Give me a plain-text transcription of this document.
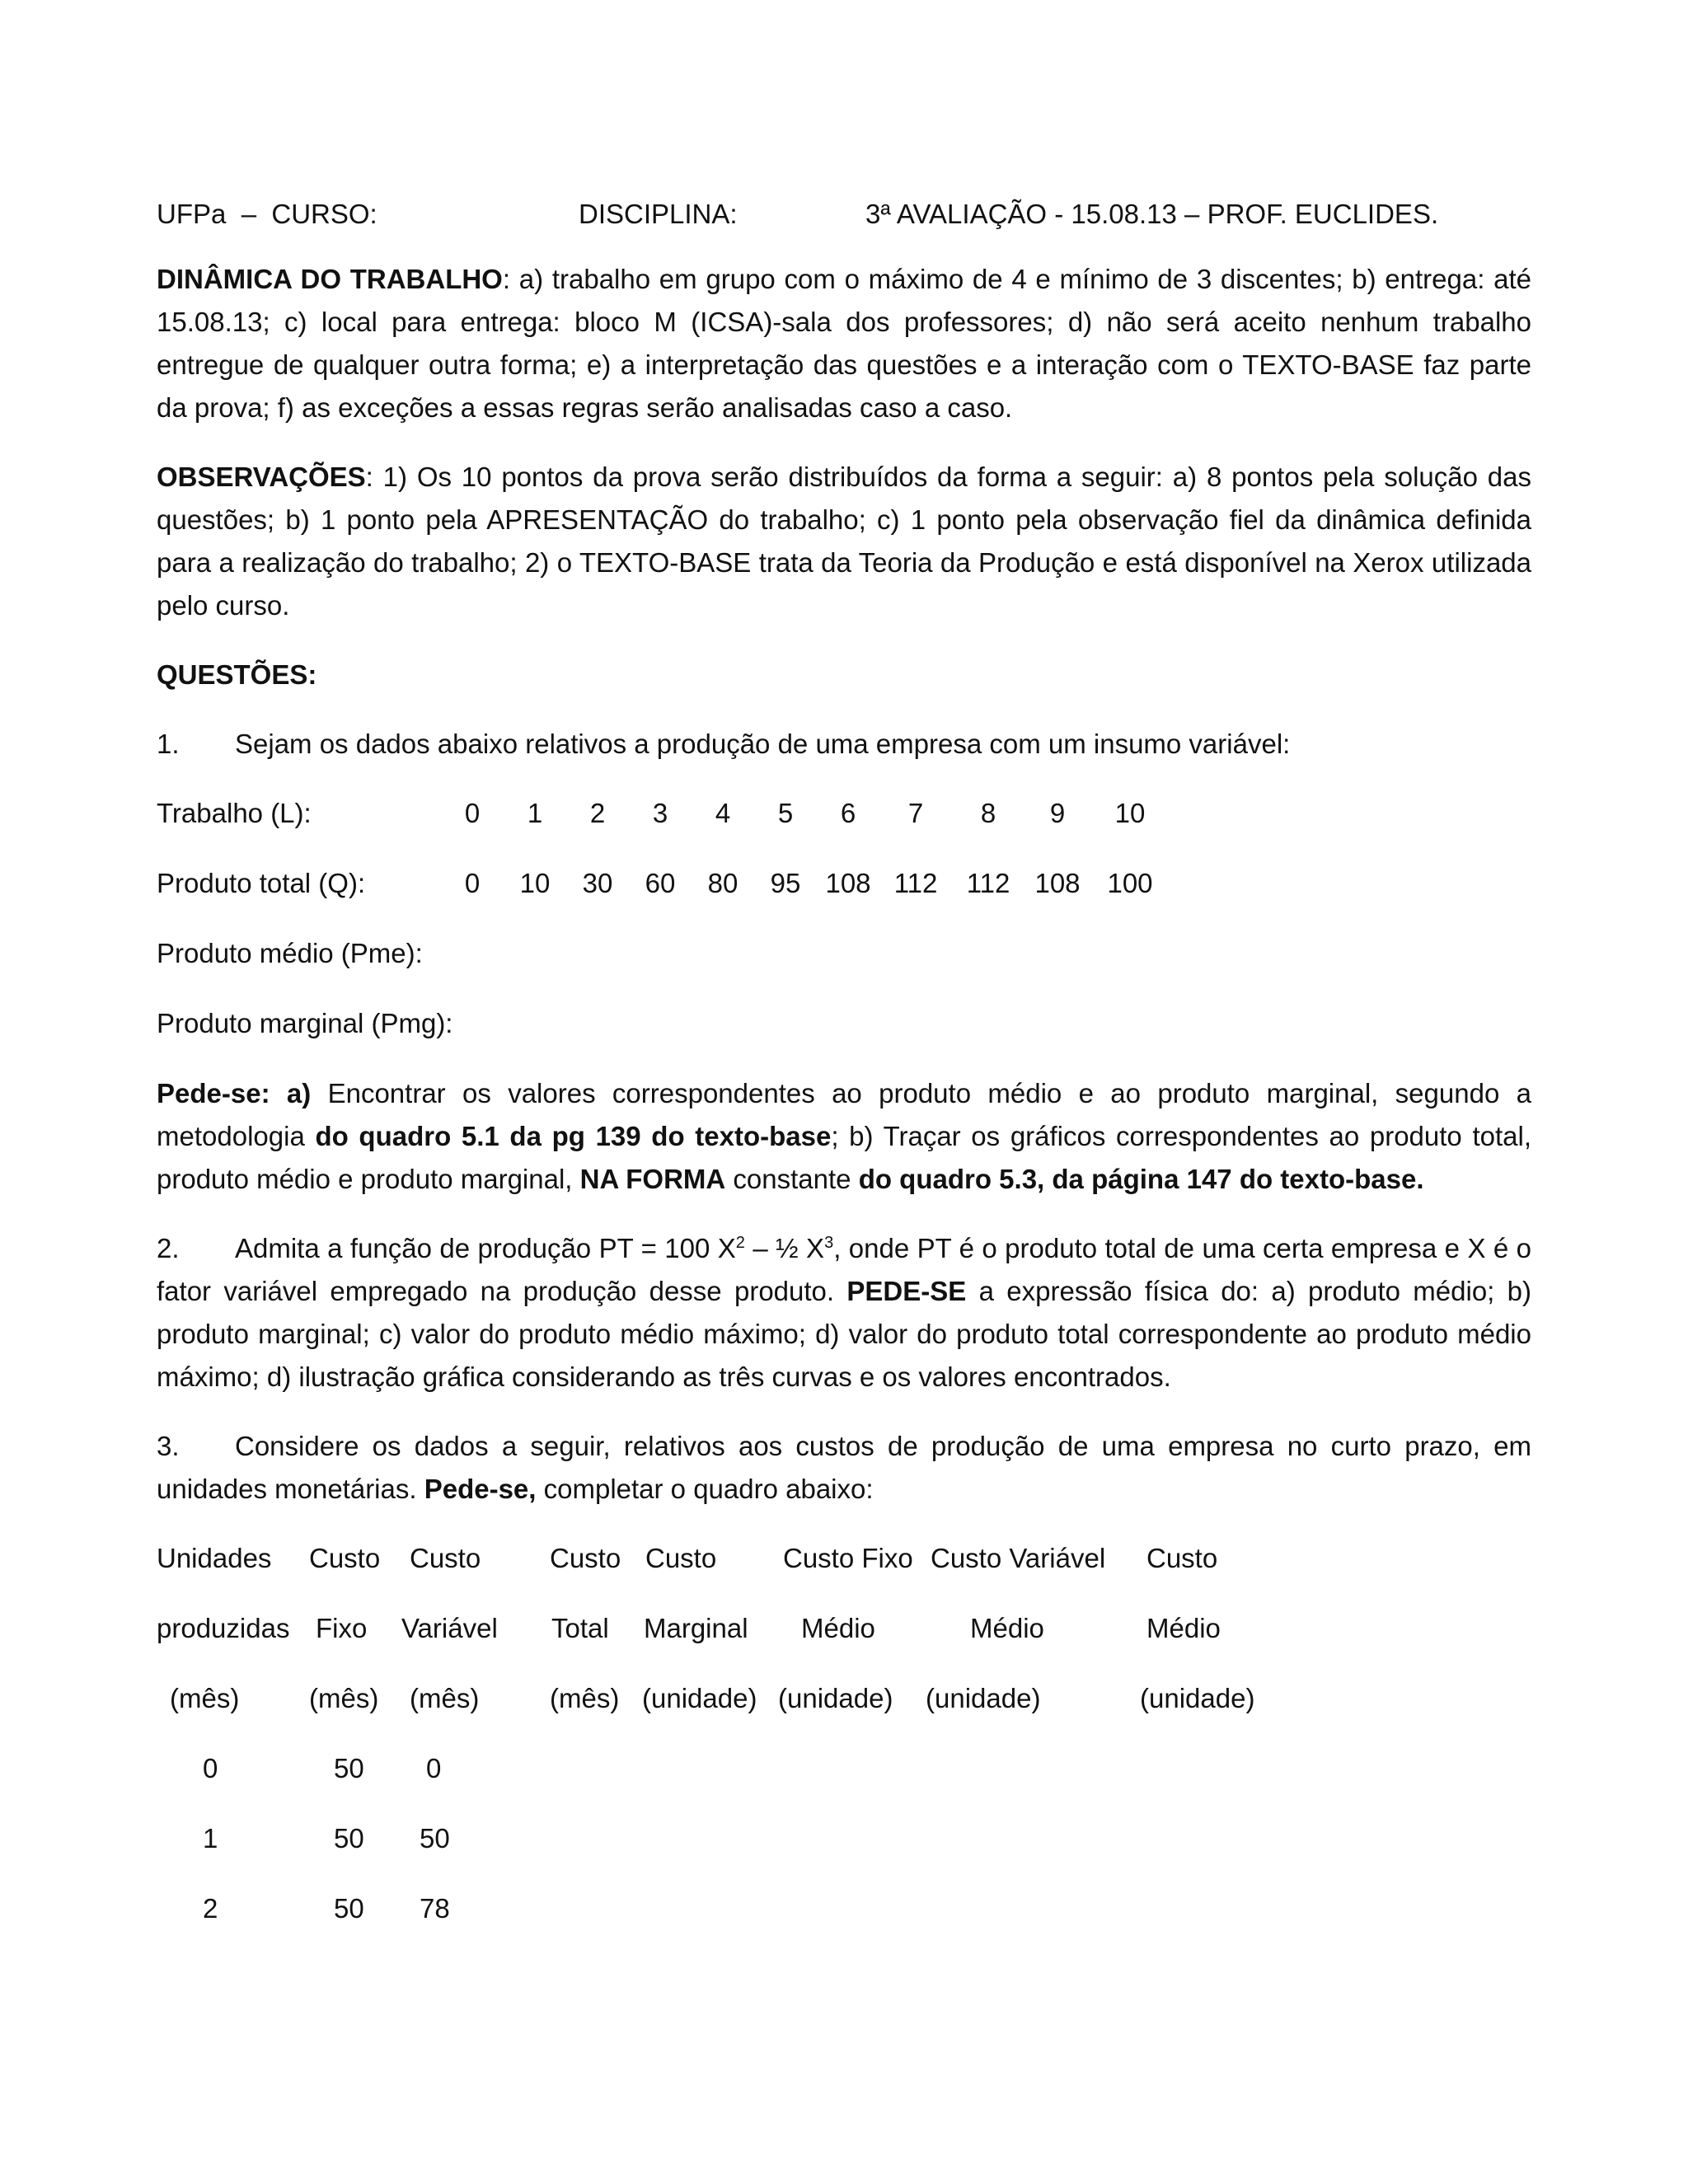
UFPa  –  CURSO:	DISCIPLINA:	3ª AVALIAÇÃO - 15.08.13 – PROF. EUCLIDES.

DINÂMICA DO TRABALHO: a) trabalho em grupo com o máximo de 4 e mínimo de 3 discentes; b) entrega: até 15.08.13; c) local para entrega: bloco M (ICSA)-sala dos professores; d) não será aceito nenhum trabalho entregue de qualquer outra forma; e) a interpretação das questões e a interação com o TEXTO-BASE faz parte da prova; f) as exceções a essas regras serão analisadas caso a caso.

OBSERVAÇÕES: 1) Os 10 pontos da prova serão distribuídos da forma a seguir: a) 8 pontos pela solução das questões; b) 1 ponto pela APRESENTAÇÃO do trabalho; c) 1 ponto pela observação fiel da dinâmica definida para a realização do trabalho; 2) o TEXTO-BASE trata da Teoria da Produção e está disponível na Xerox utilizada pelo curso.

QUESTÕES:
1.	Sejam os dados abaixo relativos a produção de uma empresa com um insumo variável:
Trabalho (L):	0	1	2	3	4	5	6	7	8	9	10
Produto total (Q):	0	10	30	60	80	95 108 112	112 108 100
Produto médio (Pme):
Produto marginal (Pmg):

Pede-se: a) Encontrar os valores correspondentes ao produto médio e ao produto marginal, segundo a metodologia do quadro 5.1 da pg 139 do texto-base; b) Traçar os gráficos correspondentes ao produto total, produto médio e produto marginal, NA FORMA constante do quadro 5.3, da página 147 do texto-base.

2. Admita a função de produção PT = 100 $X^2$ – ½ $X^3$, onde PT é o produto total de uma certa empresa e X é o fator variável empregado na produção desse produto. PEDE-SE a expressão física do: a) produto médio; b) produto marginal; c) valor do produto médio máximo; d) valor do produto total correspondente ao produto médio máximo; d) ilustração gráfica considerando as três curvas e os valores encontrados.

3. Considere os dados a seguir, relativos aos custos de produção de uma empresa no curto prazo, em unidades monetárias. Pede-se, completar o quadro abaixo:

Unidades	Custo	Custo	Custo	Custo	Custo Fixo	Custo Variável	Custo
produzidas	Fixo	Variável	Total	Marginal	Médio	Médio	Médio
(mês)	(mês)	(mês)	(mês)	(unidade)	(unidade)	(unidade)	(unidade)
0	50	0					
1	50	50					
2	50	78					
